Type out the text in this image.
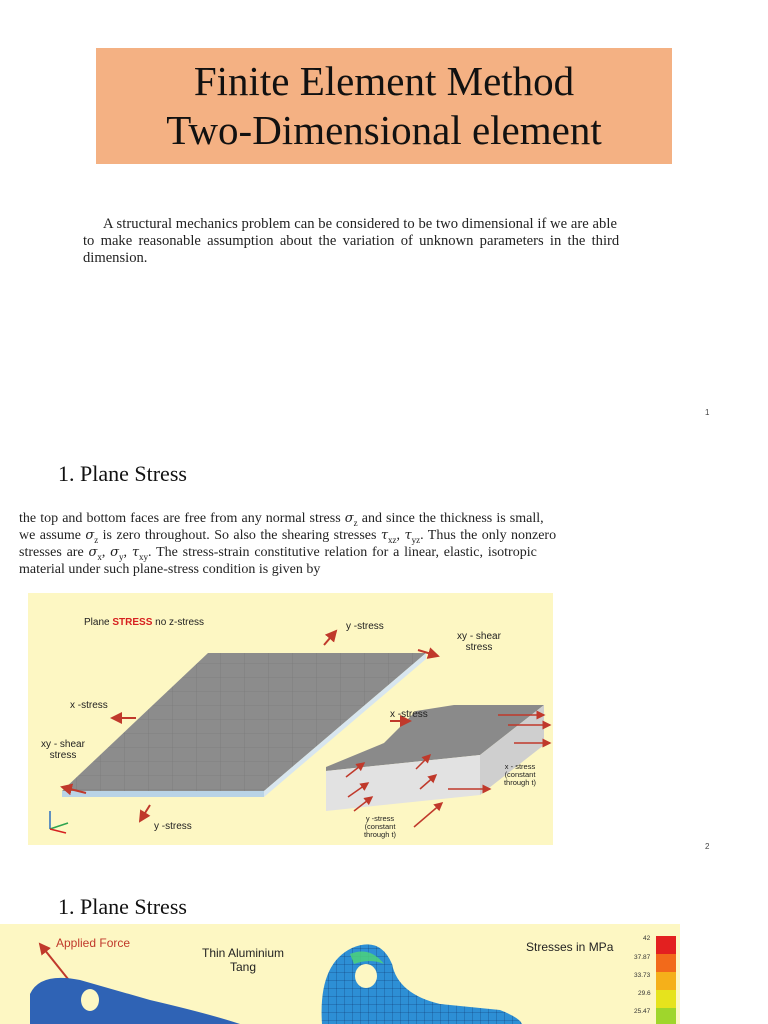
Finite Element Method
Two-Dimensional element
A structural mechanics problem can be considered to be two dimensional if we are able
to make reasonable assumption about the variation of unknown parameters in the third
dimension.
1
1. Plane Stress
the top and bottom faces are free from any normal stress $\sigma_z$ and since the thickness is small,
we assume $\sigma_z$ is zero throughout. So also the shearing stresses $\tau_{xz}$, $\tau_{yz}$. Thus the only nonzero
stresses are $\sigma_x$, $\sigma_y$, $\tau_{xy}$. The stress-strain constitutive relation for a linear, elastic, isotropic
material under such plane-stress condition is given by
Plane STRESS no z-stress	y -stress
xy - shear stress
x -stress
x -stress
xy - shear stress
y -stress
x - stress (constant through t)
y -stress (constant through t)
2
1. Plane Stress
Applied Force
Thin Aluminium Tang
Stresses in MPa
42
37.87
33.73
29.6
25.47
